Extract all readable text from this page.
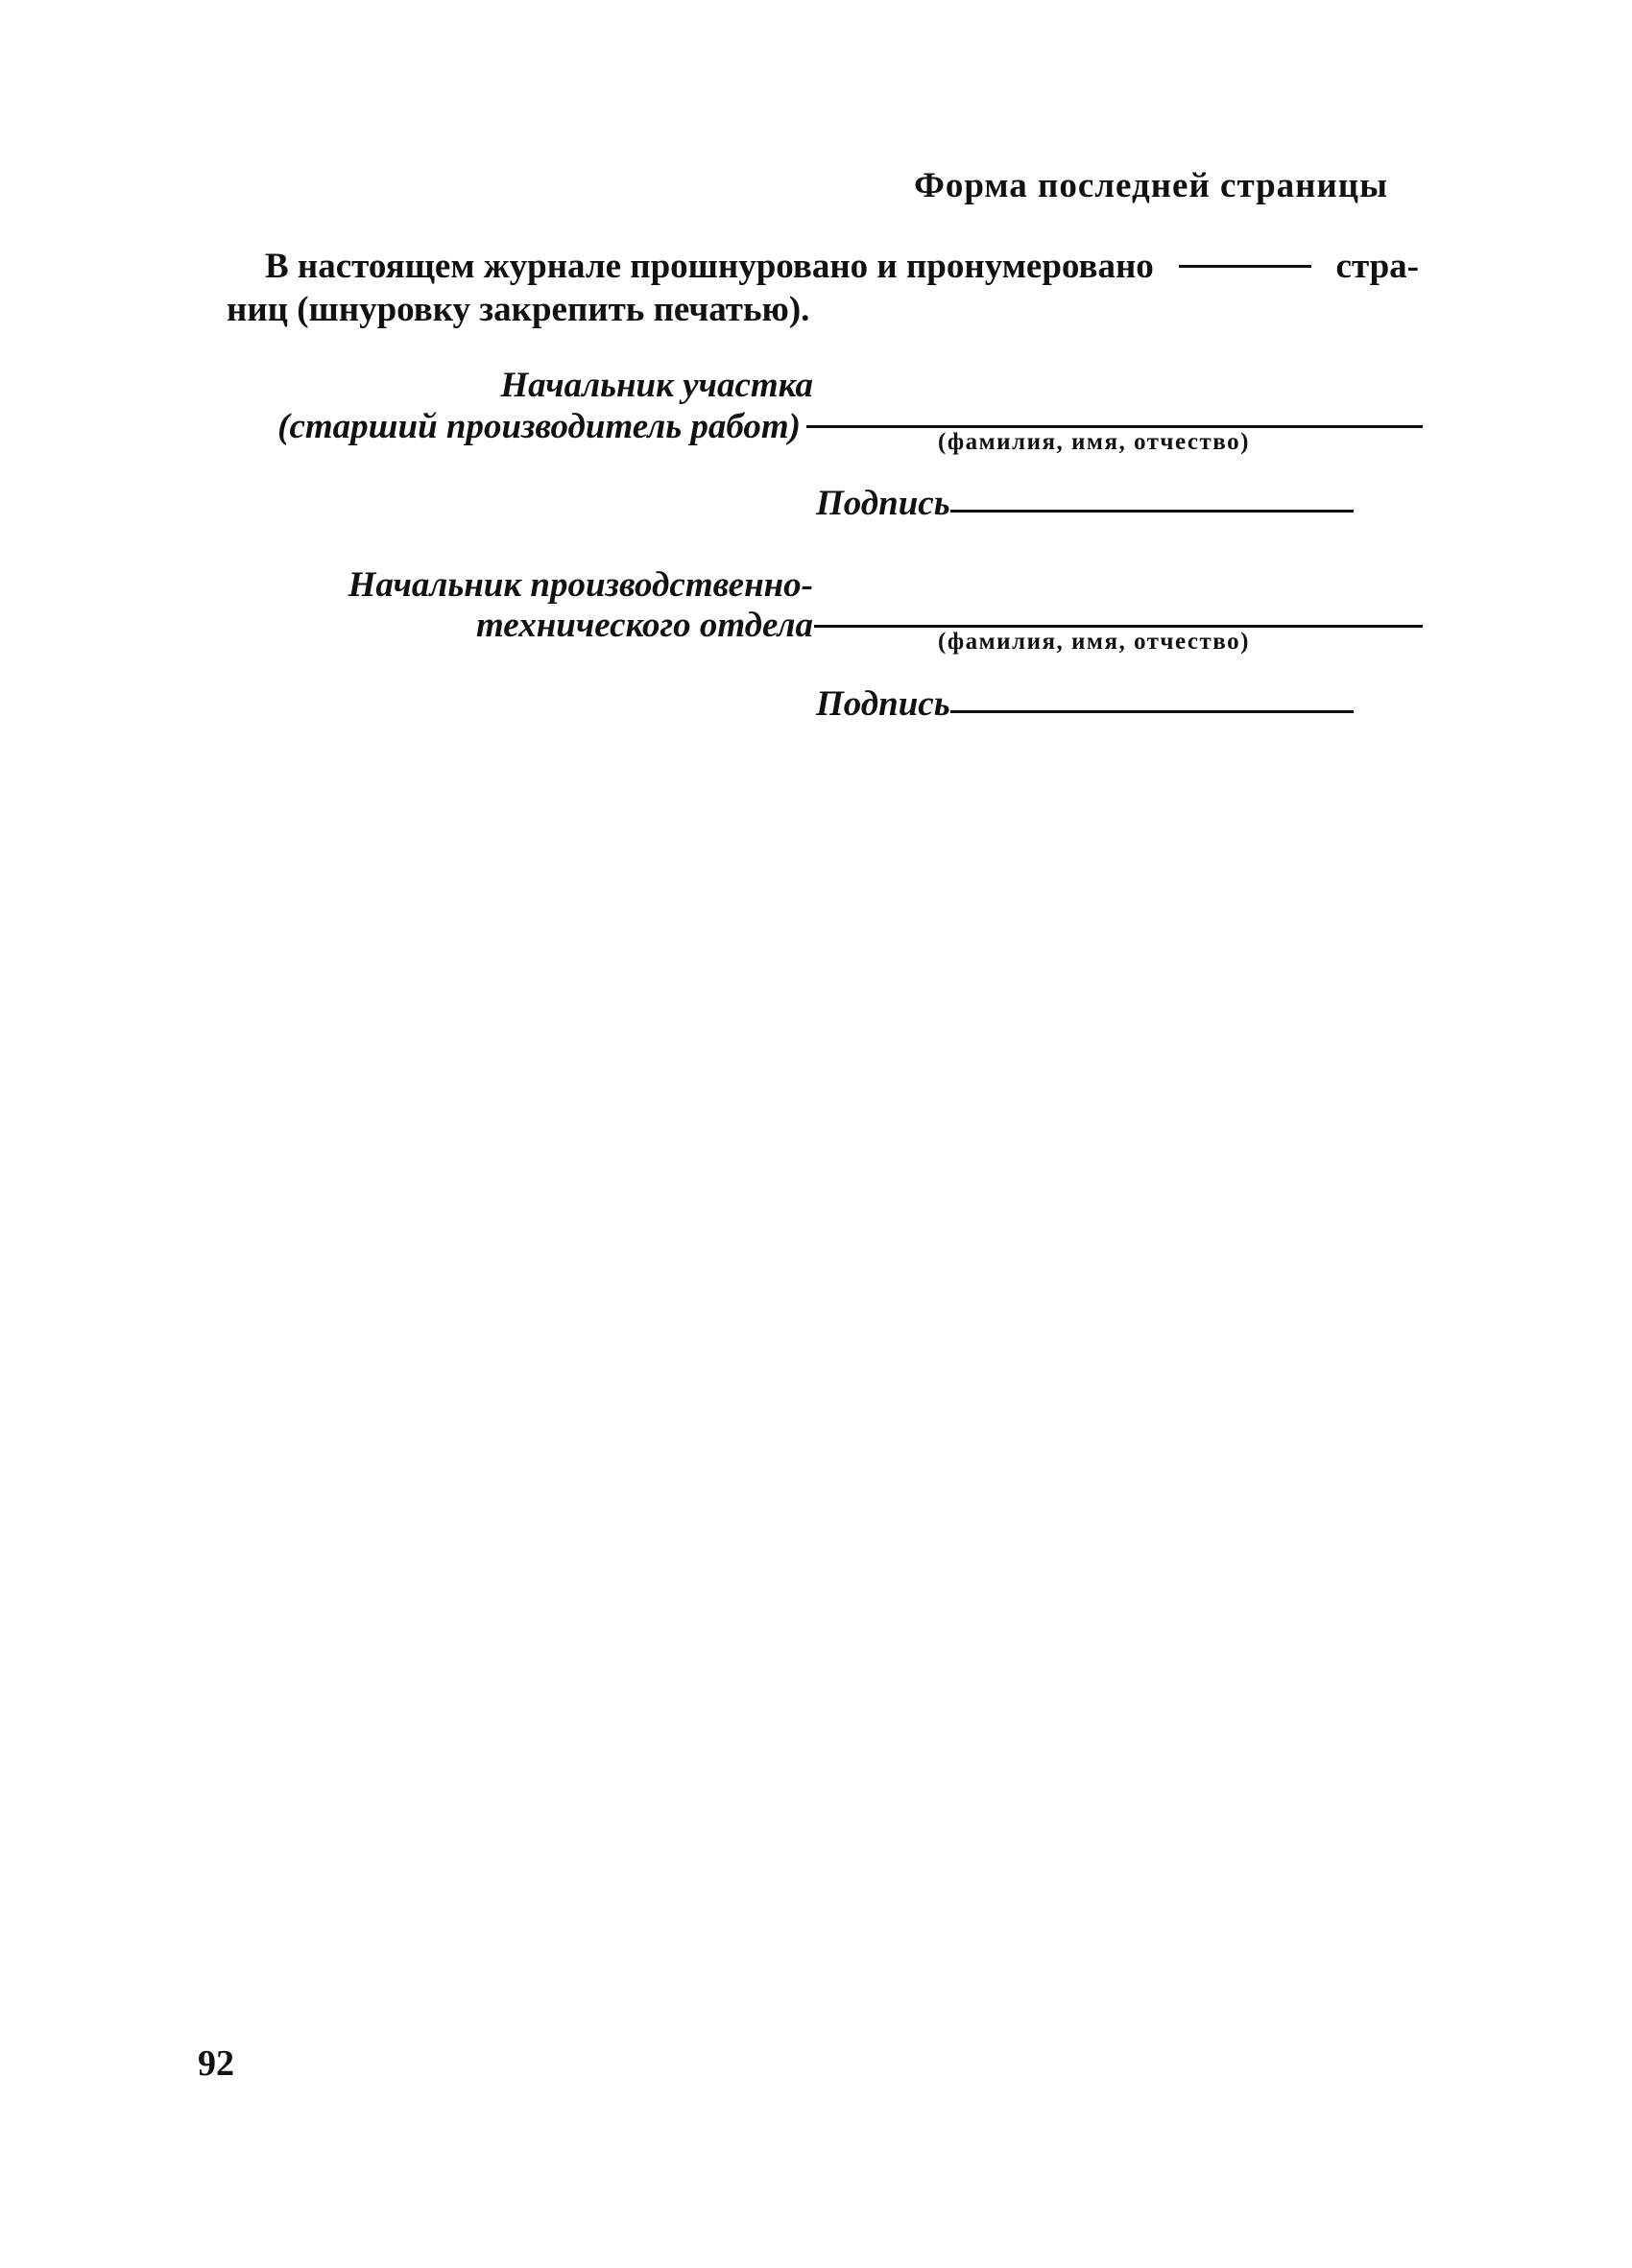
Форма последней страницы
В настоящем журнале прошнуровано и пронумеровано	стра-
ниц (шнуровку закрепить печатью).
Начальник участка
(старший производитель работ)	(фамилия, имя, отчество)
Подпись
Начальник производственно-
технического отдела	(фамилия, имя, отчество)
Подпись
92
